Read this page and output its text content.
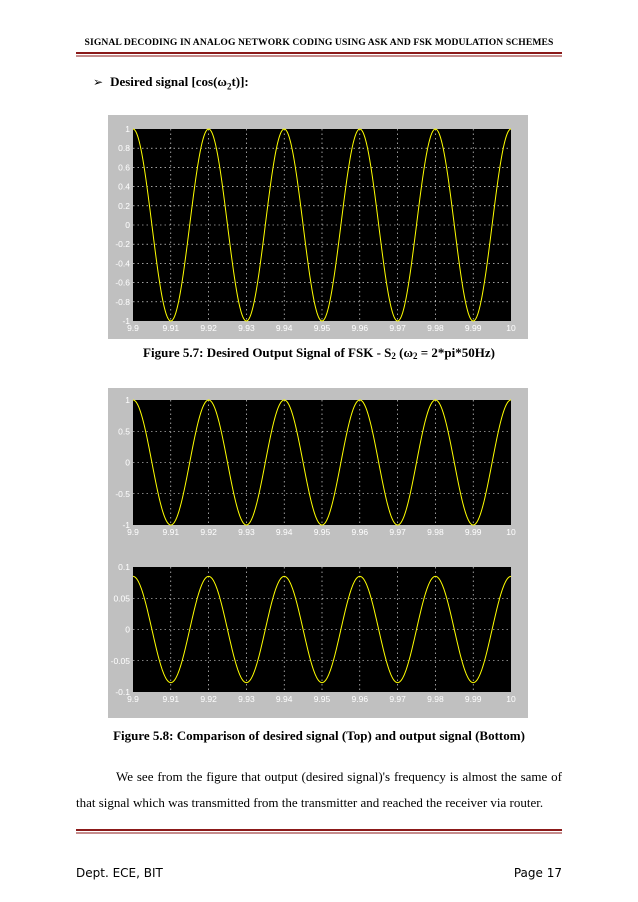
SIGNAL DECODING IN ANALOG NETWORK CODING USING ASK AND FSK MODULATION SCHEMES
➢ Desired signal $[\cos(\omega_2t)]$:
9.9	9.91	9.92	9.93	9.94	9.95	9.96	9.97	9.98	9.99	10
1
0.8
0.6
0.4
0.2
0
-0.2
-0.4
-0.6
-0.8
-1
Figure 5.7: Desired Output Signal of FSK - $S_2$ $(\omega_2 = 2*pi*50Hz)$
9.9	9.91	9.92	9.93	9.94	9.95	9.96	9.97	9.98	9.99	10
1
0.5
0
-0.5
-1
9.9	9.91	9.92	9.93	9.94	9.95	9.96	9.97	9.98	9.99	10
0.1
0.05
0
-0.05
-0.1
Figure 5.8: Comparison of desired signal (Top) and output signal (Bottom)
We see from the figure that output (desired signal)'s frequency is almost the same of
that signal which was transmitted from the transmitter and reached the receiver via router.
Dept. ECE, BIT	Page 17
